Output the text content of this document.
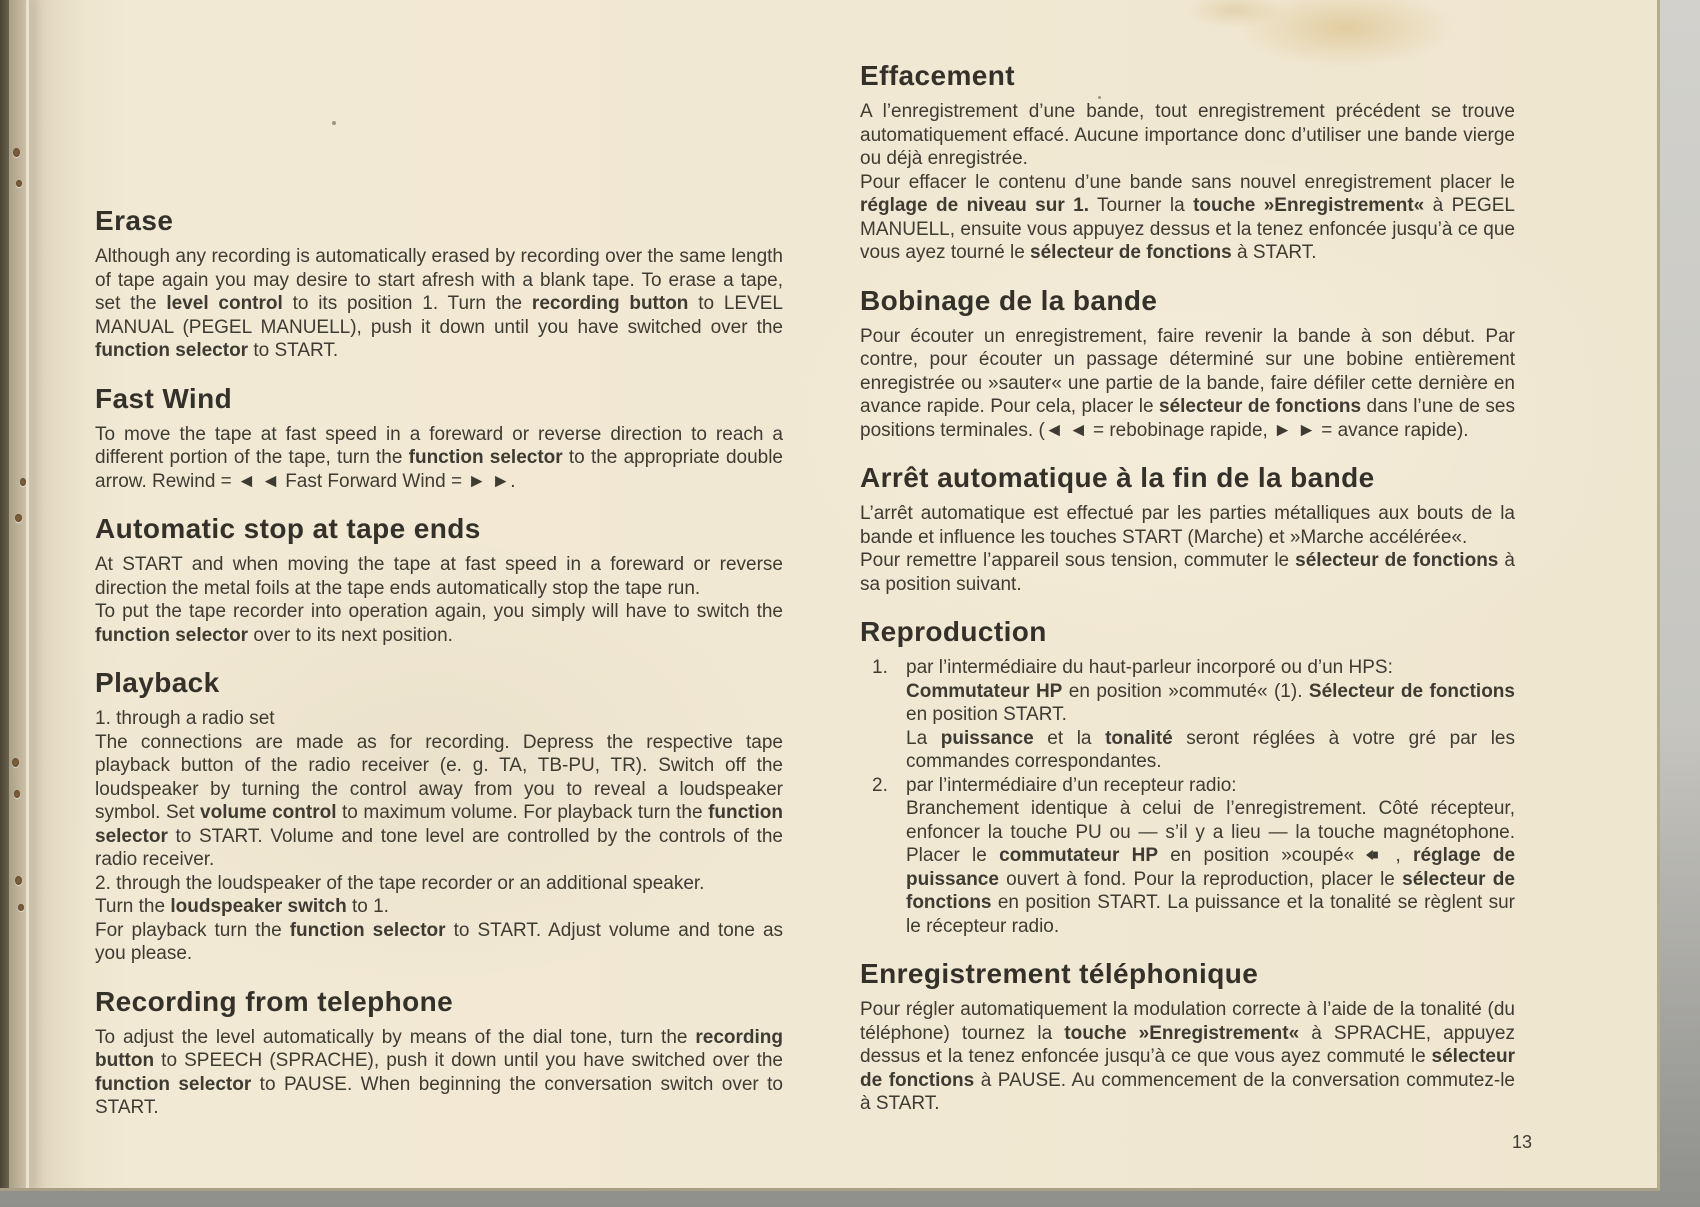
Erase

Although any recording is automatically erased by recording over the same length of tape again you may desire to start afresh with a blank tape. To erase a tape, set the level control to its position 1. Turn the recording button to LEVEL MANUAL (PEGEL MANUELL), push it down until you have switched over the function selector to START.

Fast Wind

To move the tape at fast speed in a foreward or reverse direction to reach a different portion of the tape, turn the function selector to the appropriate double arrow. Rewind = ◄ ◄ Fast Forward Wind = ► ►.

Automatic stop at tape ends

At START and when moving the tape at fast speed in a foreward or reverse direction the metal foils at the tape ends automatically stop the tape run.

To put the tape recorder into operation again, you simply will have to switch the function selector over to its next position.

Playback

1. through a radio set

The connections are made as for recording. Depress the respective tape playback button of the radio receiver (e. g. TA, TB-PU, TR). Switch off the loudspeaker by turning the control away from you to reveal a loudspeaker symbol. Set volume control to maximum volume. For playback turn the function selector to START. Volume and tone level are controlled by the controls of the radio receiver.

2. through the loudspeaker of the tape recorder or an additional speaker.

Turn the loudspeaker switch to 1.

For playback turn the function selector to START. Adjust volume and tone as you please.

Recording from telephone

To adjust the level automatically by means of the dial tone, turn the recording button to SPEECH (SPRACHE), push it down until you have switched over the function selector to PAUSE. When beginning the conversation switch over to START.

Effacement

A l’enregistrement d’une bande, tout enregistrement précédent se trouve automatiquement effacé. Aucune importance donc d’utiliser une bande vierge ou déjà enregistrée.

Pour effacer le contenu d’une bande sans nouvel enregistrement placer le réglage de niveau sur 1. Tourner la touche »Enregistrement« à PEGEL MANUELL, ensuite vous appuyez dessus et la tenez enfoncée jusqu’à ce que vous ayez tourné le sélecteur de fonctions à START.

Bobinage de la bande

Pour écouter un enregistrement, faire revenir la bande à son début. Par contre, pour écouter un passage déterminé sur une bobine entièrement enregistrée ou »sauter« une partie de la bande, faire défiler cette dernière en avance rapide. Pour cela, placer le sélecteur de fonctions dans l’une de ses positions terminales. (◄ ◄ = rebobinage rapide, ► ► = avance rapide).

Arrêt automatique à la fin de la bande

L’arrêt automatique est effectué par les parties métalliques aux bouts de la bande et influence les touches START (Marche) et »Marche accélérée«.

Pour remettre l’appareil sous tension, commuter le sélecteur de fonctions à sa position suivant.

Reproduction

1. par l’intermédiaire du haut-parleur incorporé ou d’un HPS:

Commutateur HP en position »commuté« (1). Sélecteur de fonctions en position START.

La puissance et la tonalité seront réglées à votre gré par les commandes correspondantes.

2. par l’intermédiaire d’un recepteur radio:

Branchement identique à celui de l’enregistrement. Côté récepteur, enfoncer la touche PU ou — s’il y a lieu — la touche magnétophone. Placer le commutateur HP en position »coupé«  , réglage de puissance ouvert à fond. Pour la reproduction, placer le sélecteur de fonctions en position START. La puissance et la tonalité se règlent sur le récepteur radio.

Enregistrement téléphonique

Pour régler automatiquement la modulation correcte à l’aide de la tonalité (du téléphone) tournez la touche »Enregistrement« à SPRACHE, appuyez dessus et la tenez enfoncée jusqu’à ce que vous ayez commuté le sélecteur de fonctions à PAUSE. Au commencement de la conversation commutez-le à START.

13
